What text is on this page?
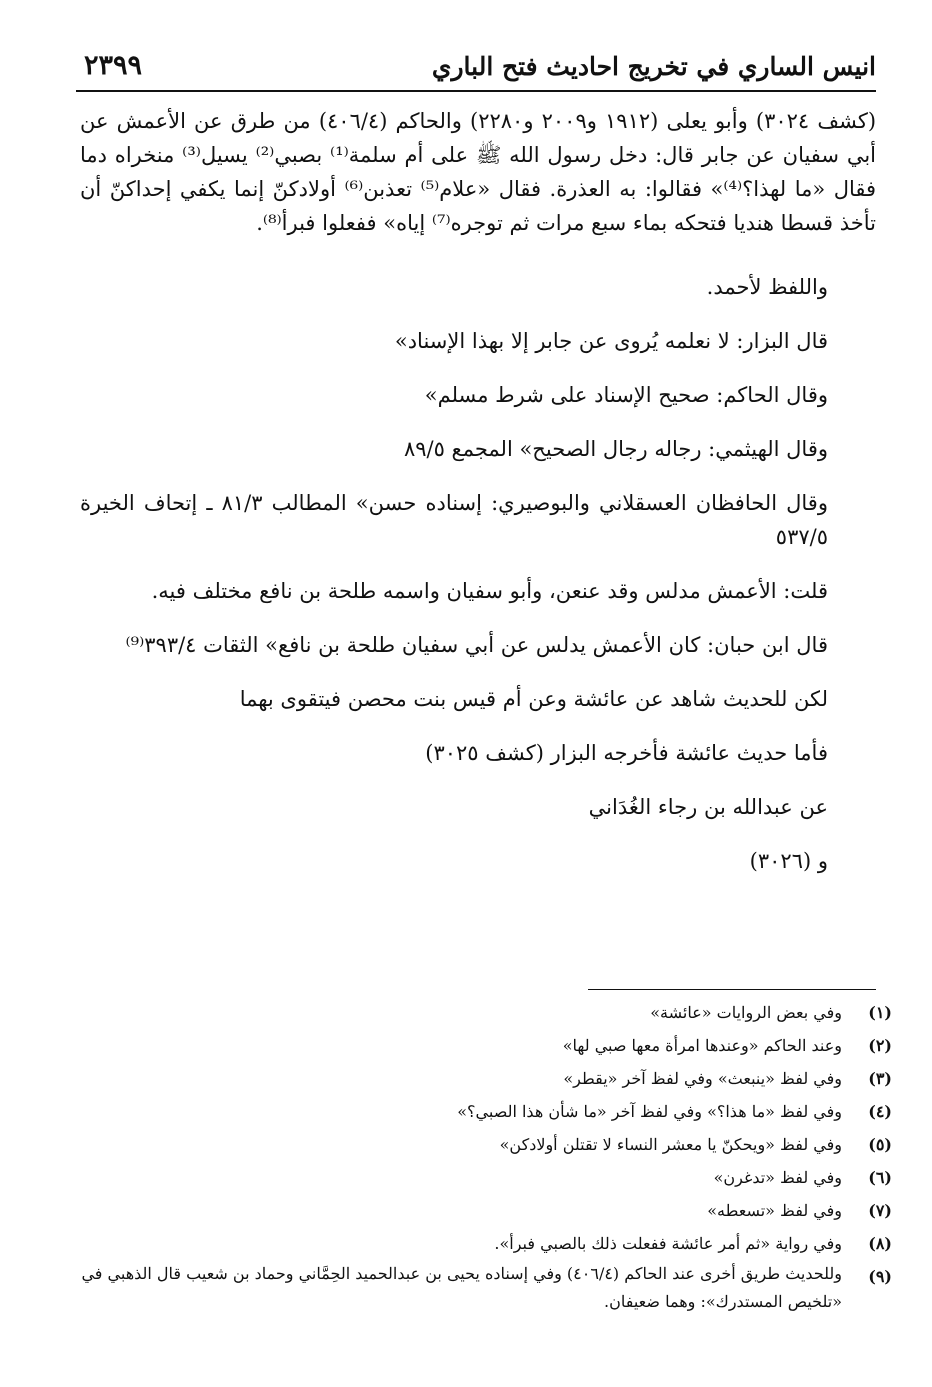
انيس الساري في تخريج احاديث فتح الباري
٢٣٩٩

(كشف ٣٠٢٤) وأبو يعلى (١٩١٢ و٢٠٠٩ و٢٢٨٠) والحاكم (٤٠٦/٤) من طرق عن الأعمش عن أبي سفيان عن جابر قال: دخل رسول الله ﷺ على أم سلمة⁽¹⁾ بصبي⁽²⁾ يسيل⁽³⁾ منخراه دما فقال «ما لهذا؟⁽⁴⁾» فقالوا: به العذرة. فقال «علام⁽⁵⁾ تعذبن⁽⁶⁾ أولادكنّ إنما يكفي إحداكنّ أن تأخذ قسطا هنديا فتحكه بماء سبع مرات ثم توجره⁽⁷⁾ إياه» ففعلوا فبرأ⁽⁸⁾.

واللفظ لأحمد.

قال البزار: لا نعلمه يُروى عن جابر إلا بهذا الإسناد»

وقال الحاكم: صحيح الإسناد على شرط مسلم»

وقال الهيثمي: رجاله رجال الصحيح» المجمع ٨٩/٥

وقال الحافظان العسقلاني والبوصيري: إسناده حسن» المطالب ٨١/٣ ـ إتحاف الخيرة ٥٣٧/٥

قلت: الأعمش مدلس وقد عنعن، وأبو سفيان واسمه طلحة بن نافع مختلف فيه.

قال ابن حبان: كان الأعمش يدلس عن أبي سفيان طلحة بن نافع» الثقات ٣٩٣/٤⁽⁹⁾

لكن للحديث شاهد عن عائشة وعن أم قيس بنت محصن فيتقوى بهما

فأما حديث عائشة فأخرجه البزار (كشف ٣٠٢٥)

عن عبدالله بن رجاء الغُدَاني

و (٣٠٢٦)

(١)
وفي بعض الروايات «عائشة»

(٢)
وعند الحاكم «وعندها امرأة معها صبي لها»

(٣)
وفي لفظ «ينبعث» وفي لفظ آخر «يقطر»

(٤)
وفي لفظ «ما هذا؟» وفي لفظ آخر «ما شأن هذا الصبي؟»

(٥)
وفي لفظ «ويحكنّ يا معشر النساء لا تقتلن أولادكن»

(٦)
وفي لفظ «تدغرن»

(٧)
وفي لفظ «تسعطه»

(٨)
وفي رواية «ثم أمر عائشة ففعلت ذلك بالصبي فبرأ».

(٩)
وللحديث طريق أخرى عند الحاكم (٤٠٦/٤) وفي إسناده يحيى بن عبدالحميد الحِمَّاني وحماد بن شعيب قال الذهبي في «تلخيص المستدرك»: وهما ضعيفان.
